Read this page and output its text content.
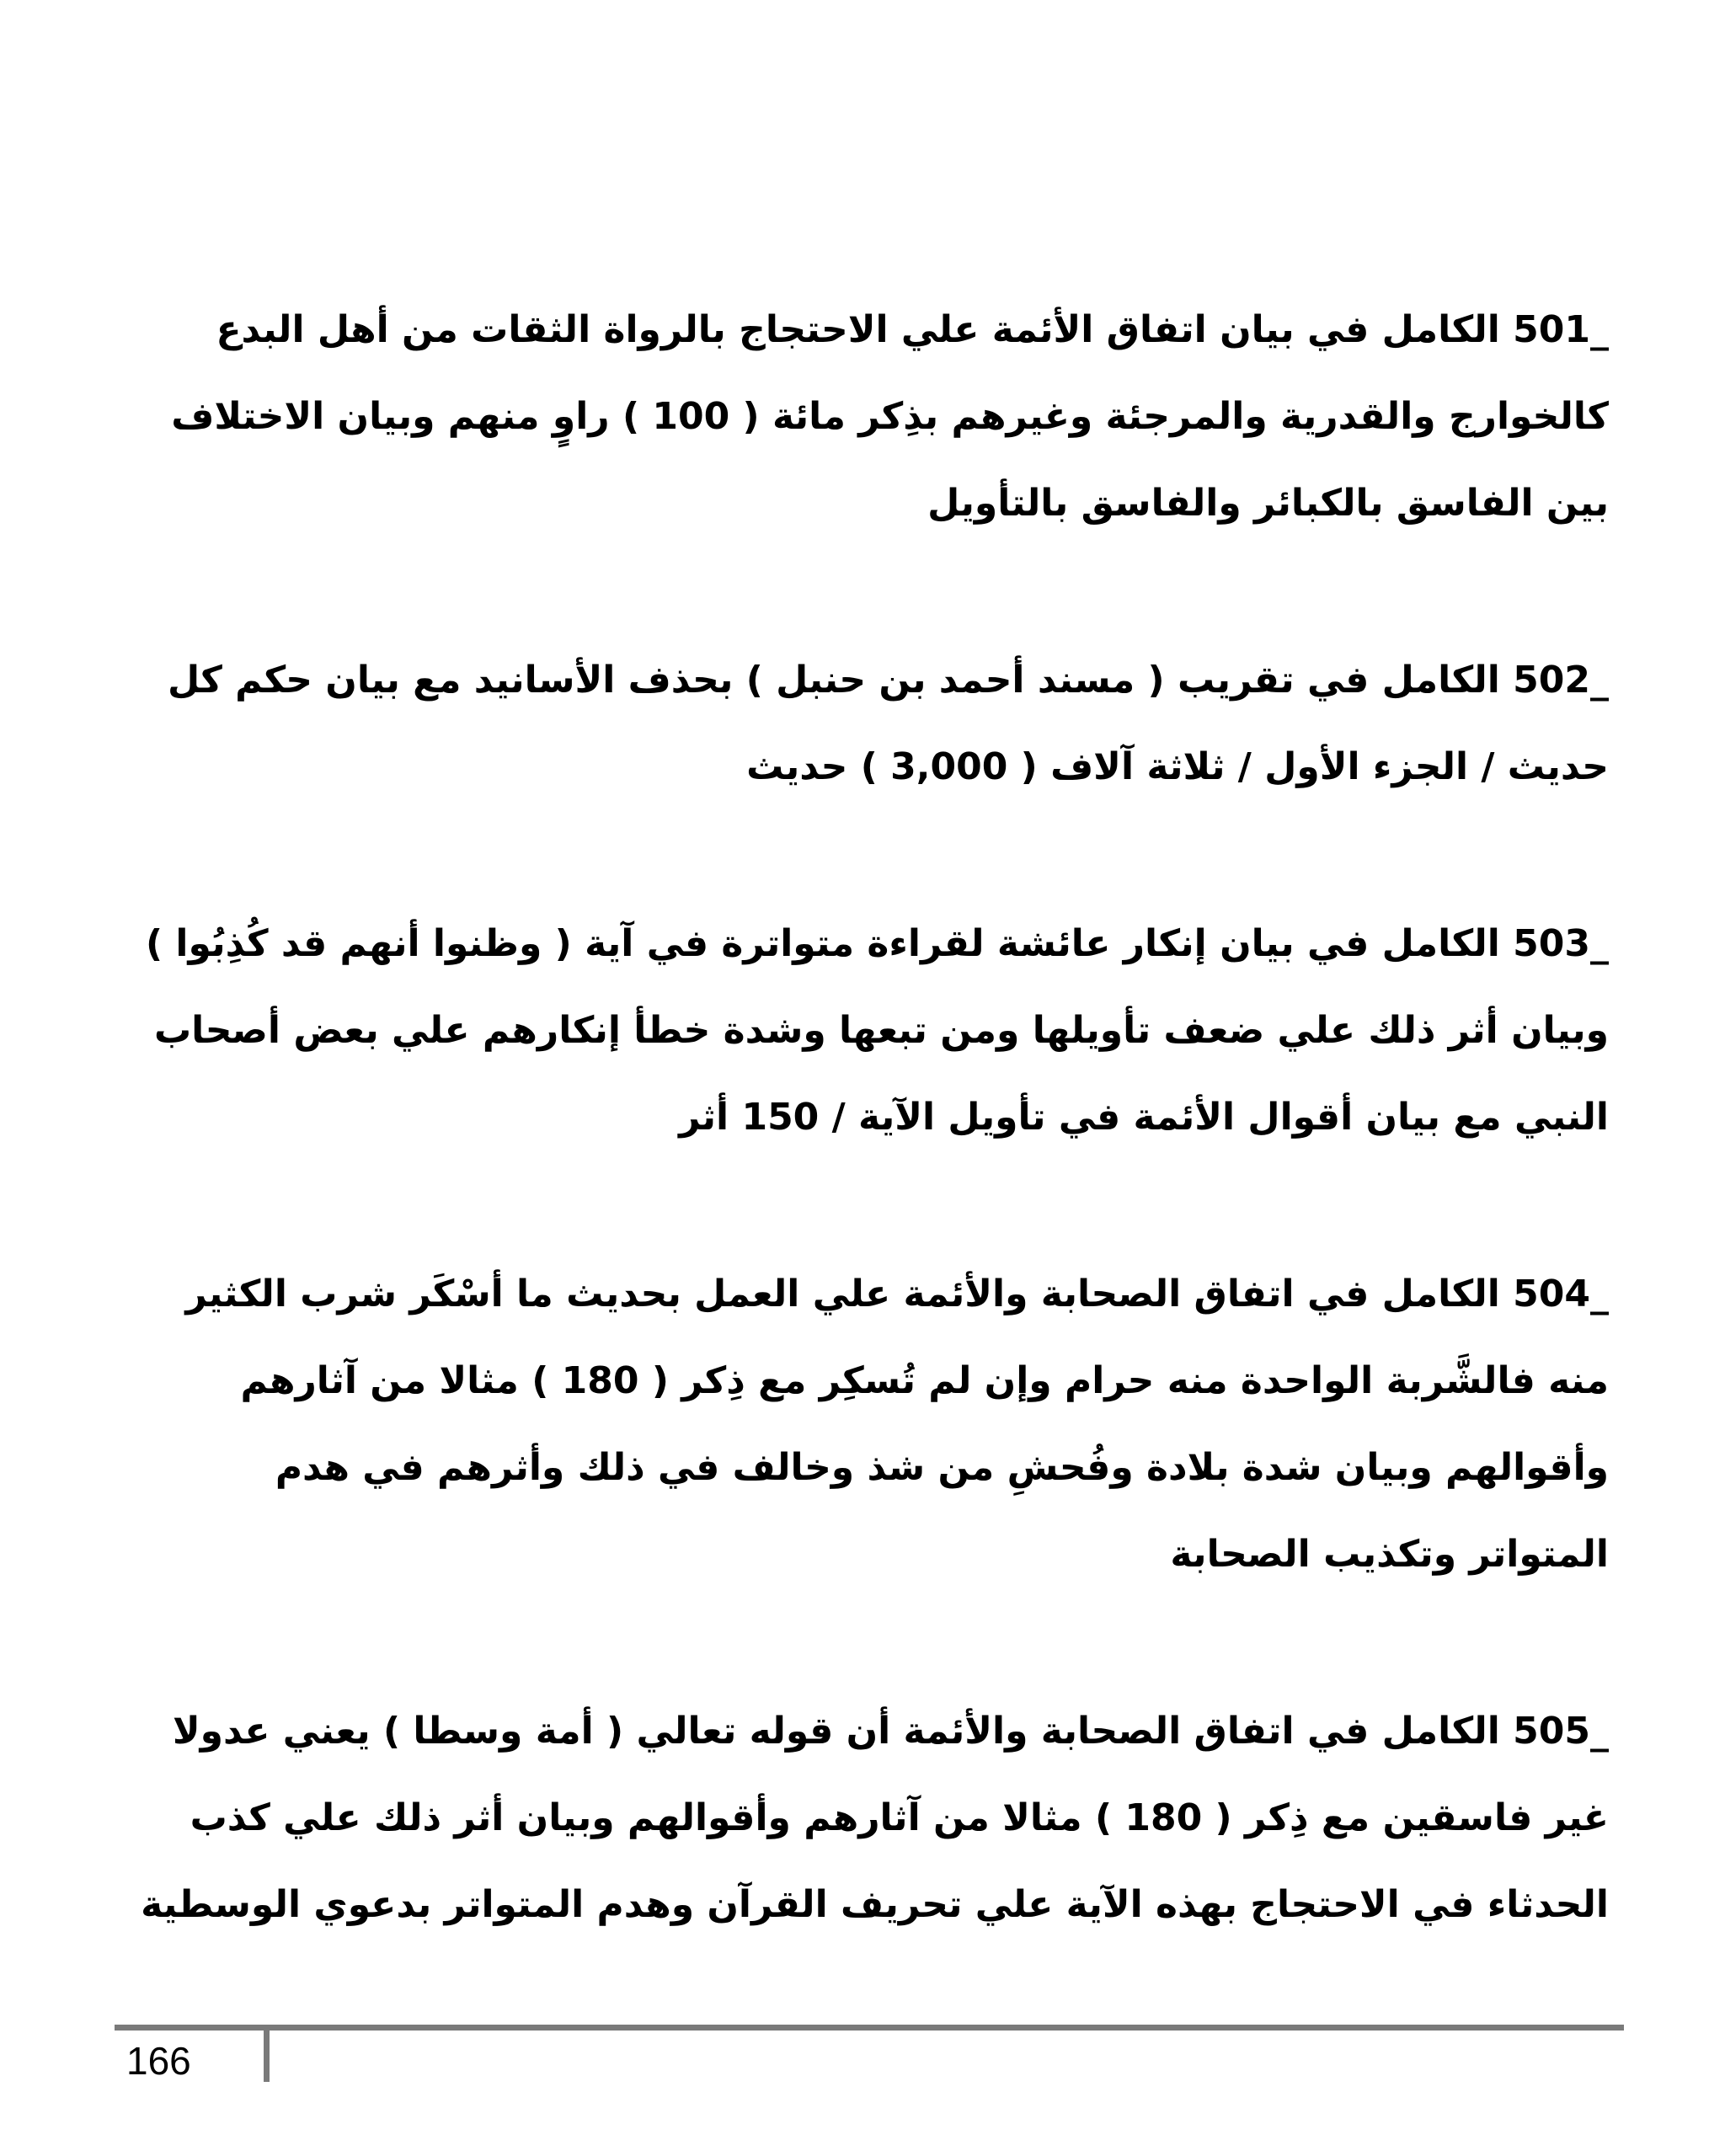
501_ الكامل في بيان اتفاق الأئمة علي الاحتجاج بالرواة الثقات من أهل البدع كالخوارج والقدرية والمرجئة وغيرهم بذِكر مائة ( 100 ) راوٍ منهم وبيان الاختلاف بين الفاسق بالكبائر والفاسق بالتأويل

502_ الكامل في تقريب ( مسند أحمد بن حنبل ) بحذف الأسانيد مع بيان حكم كل حديث / الجزء الأول / ثلاثة آلاف ( 3,000 ) حديث

503_ الكامل في بيان إنكار عائشة لقراءة متواترة في آية ( وظنوا أنهم قد كُذِبُوا ) وبيان أثر ذلك علي ضعف تأويلها ومن تبعها وشدة خطأ إنكارهم علي بعض أصحاب النبي مع بيان أقوال الأئمة في تأويل الآية / 150 أثر

504_ الكامل في اتفاق الصحابة والأئمة علي العمل بحديث ما أسْكَر شرب الكثير منه فالشَّربة الواحدة منه حرام وإن لم تُسكِر مع ذِكر ( 180 ) مثالا من آثارهم وأقوالهم وبيان شدة بلادة وفُحشِ من شذ وخالف في ذلك وأثرهم في هدم المتواتر وتكذيب الصحابة

505_ الكامل في اتفاق الصحابة والأئمة أن قوله تعالي ( أمة وسطا ) يعني عدولا غير فاسقين مع ذِكر ( 180 ) مثالا من آثارهم وأقوالهم وبيان أثر ذلك علي كذب الحدثاء في الاحتجاج بهذه الآية علي تحريف القرآن وهدم المتواتر بدعوي الوسطية

166
